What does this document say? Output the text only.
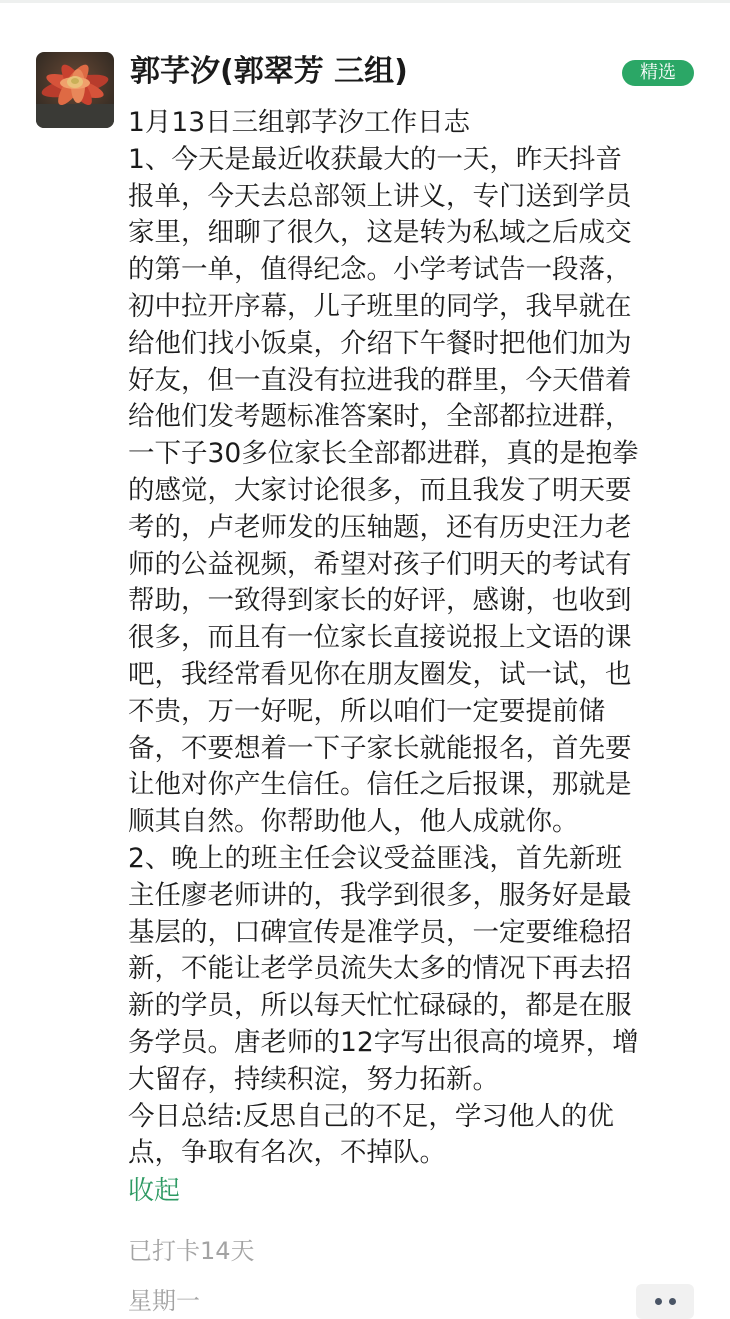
郭芓汐(郭翠芳 三组)	精选
1月13日三组郭芓汐工作日志
1、今天是最近收获最大的一天，昨天抖音
报单，今天去总部领上讲义，专门送到学员
家里，细聊了很久，这是转为私域之后成交
的第一单，值得纪念。小学考试告一段落，
初中拉开序幕，儿子班里的同学，我早就在
给他们找小饭桌，介绍下午餐时把他们加为
好友，但一直没有拉进我的群里，今天借着
给他们发考题标准答案时，全部都拉进群，
一下子30多位家长全部都进群，真的是抱拳
的感觉，大家讨论很多，而且我发了明天要
考的，卢老师发的压轴题，还有历史汪力老
师的公益视频，希望对孩子们明天的考试有
帮助，一致得到家长的好评，感谢，也收到
很多，而且有一位家长直接说报上文语的课
吧，我经常看见你在朋友圈发，试一试，也
不贵，万一好呢，所以咱们一定要提前储
备，不要想着一下子家长就能报名，首先要
让他对你产生信任。信任之后报课，那就是
顺其自然。你帮助他人，他人成就你。
2、晚上的班主任会议受益匪浅，首先新班
主任廖老师讲的，我学到很多，服务好是最
基层的，口碑宣传是准学员，一定要维稳招
新，不能让老学员流失太多的情况下再去招
新的学员，所以每天忙忙碌碌的，都是在服
务学员。唐老师的12字写出很高的境界，增
大留存，持续积淀，努力拓新。
今日总结:反思自己的不足，学习他人的优
点，争取有名次，不掉队。
收起
已打卡14天
星期一
